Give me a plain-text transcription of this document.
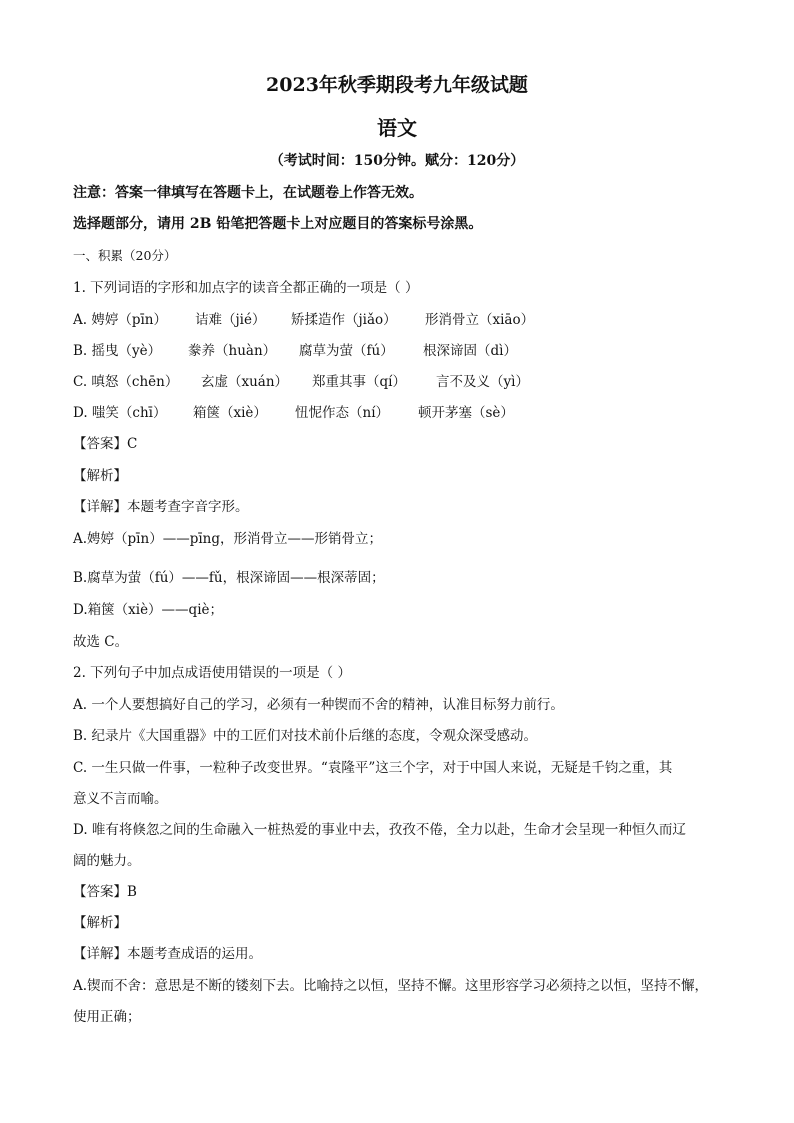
2023年秋季期段考九年级试题
语文
（考试时间：150分钟。赋分：120分）
注意：答案一律填写在答题卡上，在试题卷上作答无效。
选择题部分，请用 2B 铅笔把答题卡上对应题目的答案标号涂黑。
一、积累（20分）
1. 下列词语的字形和加点字的读音全都正确的一项是（ ）
A. 娉婷（pīn） 诘难（jié） 矫揉造作（jiǎo） 形消骨立（xiāo）
B. 摇曳（yè） 豢养（huàn） 腐草为萤（fú） 根深谛固（dì）
C. 嗔怒（chēn） 玄虚（xuán） 郑重其事（qí） 言不及义（yì）
D. 嗤笑（chī） 箱箧（xiè） 忸怩作态（ní） 顿开茅塞（sè）
【答案】C
【解析】
【详解】本题考查字音字形。
A.娉婷（pīn）——pīng，形消骨立——形销骨立；
B.腐草为萤（fú）——fǔ，根深谛固——根深蒂固；
D.箱箧（xiè）——qiè；
故选 C。
2. 下列句子中加点成语使用错误的一项是（ ）
A. 一个人要想搞好自己的学习，必须有一种锲而不舍的精神，认准目标努力前行。
B. 纪录片《大国重器》中的工匠们对技术前仆后继的态度，令观众深受感动。
C. 一生只做一件事，一粒种子改变世界。“袁隆平”这三个字，对于中国人来说，无疑是千钧之重，其
意义不言而喻。
D. 唯有将倏忽之间的生命融入一桩热爱的事业中去，孜孜不倦，全力以赴，生命才会呈现一种恒久而辽
阔的魅力。
【答案】B
【解析】
【详解】本题考查成语的运用。
A.锲而不舍：意思是不断的镂刻下去。比喻持之以恒，坚持不懈。这里形容学习必须持之以恒，坚持不懈，
使用正确；
